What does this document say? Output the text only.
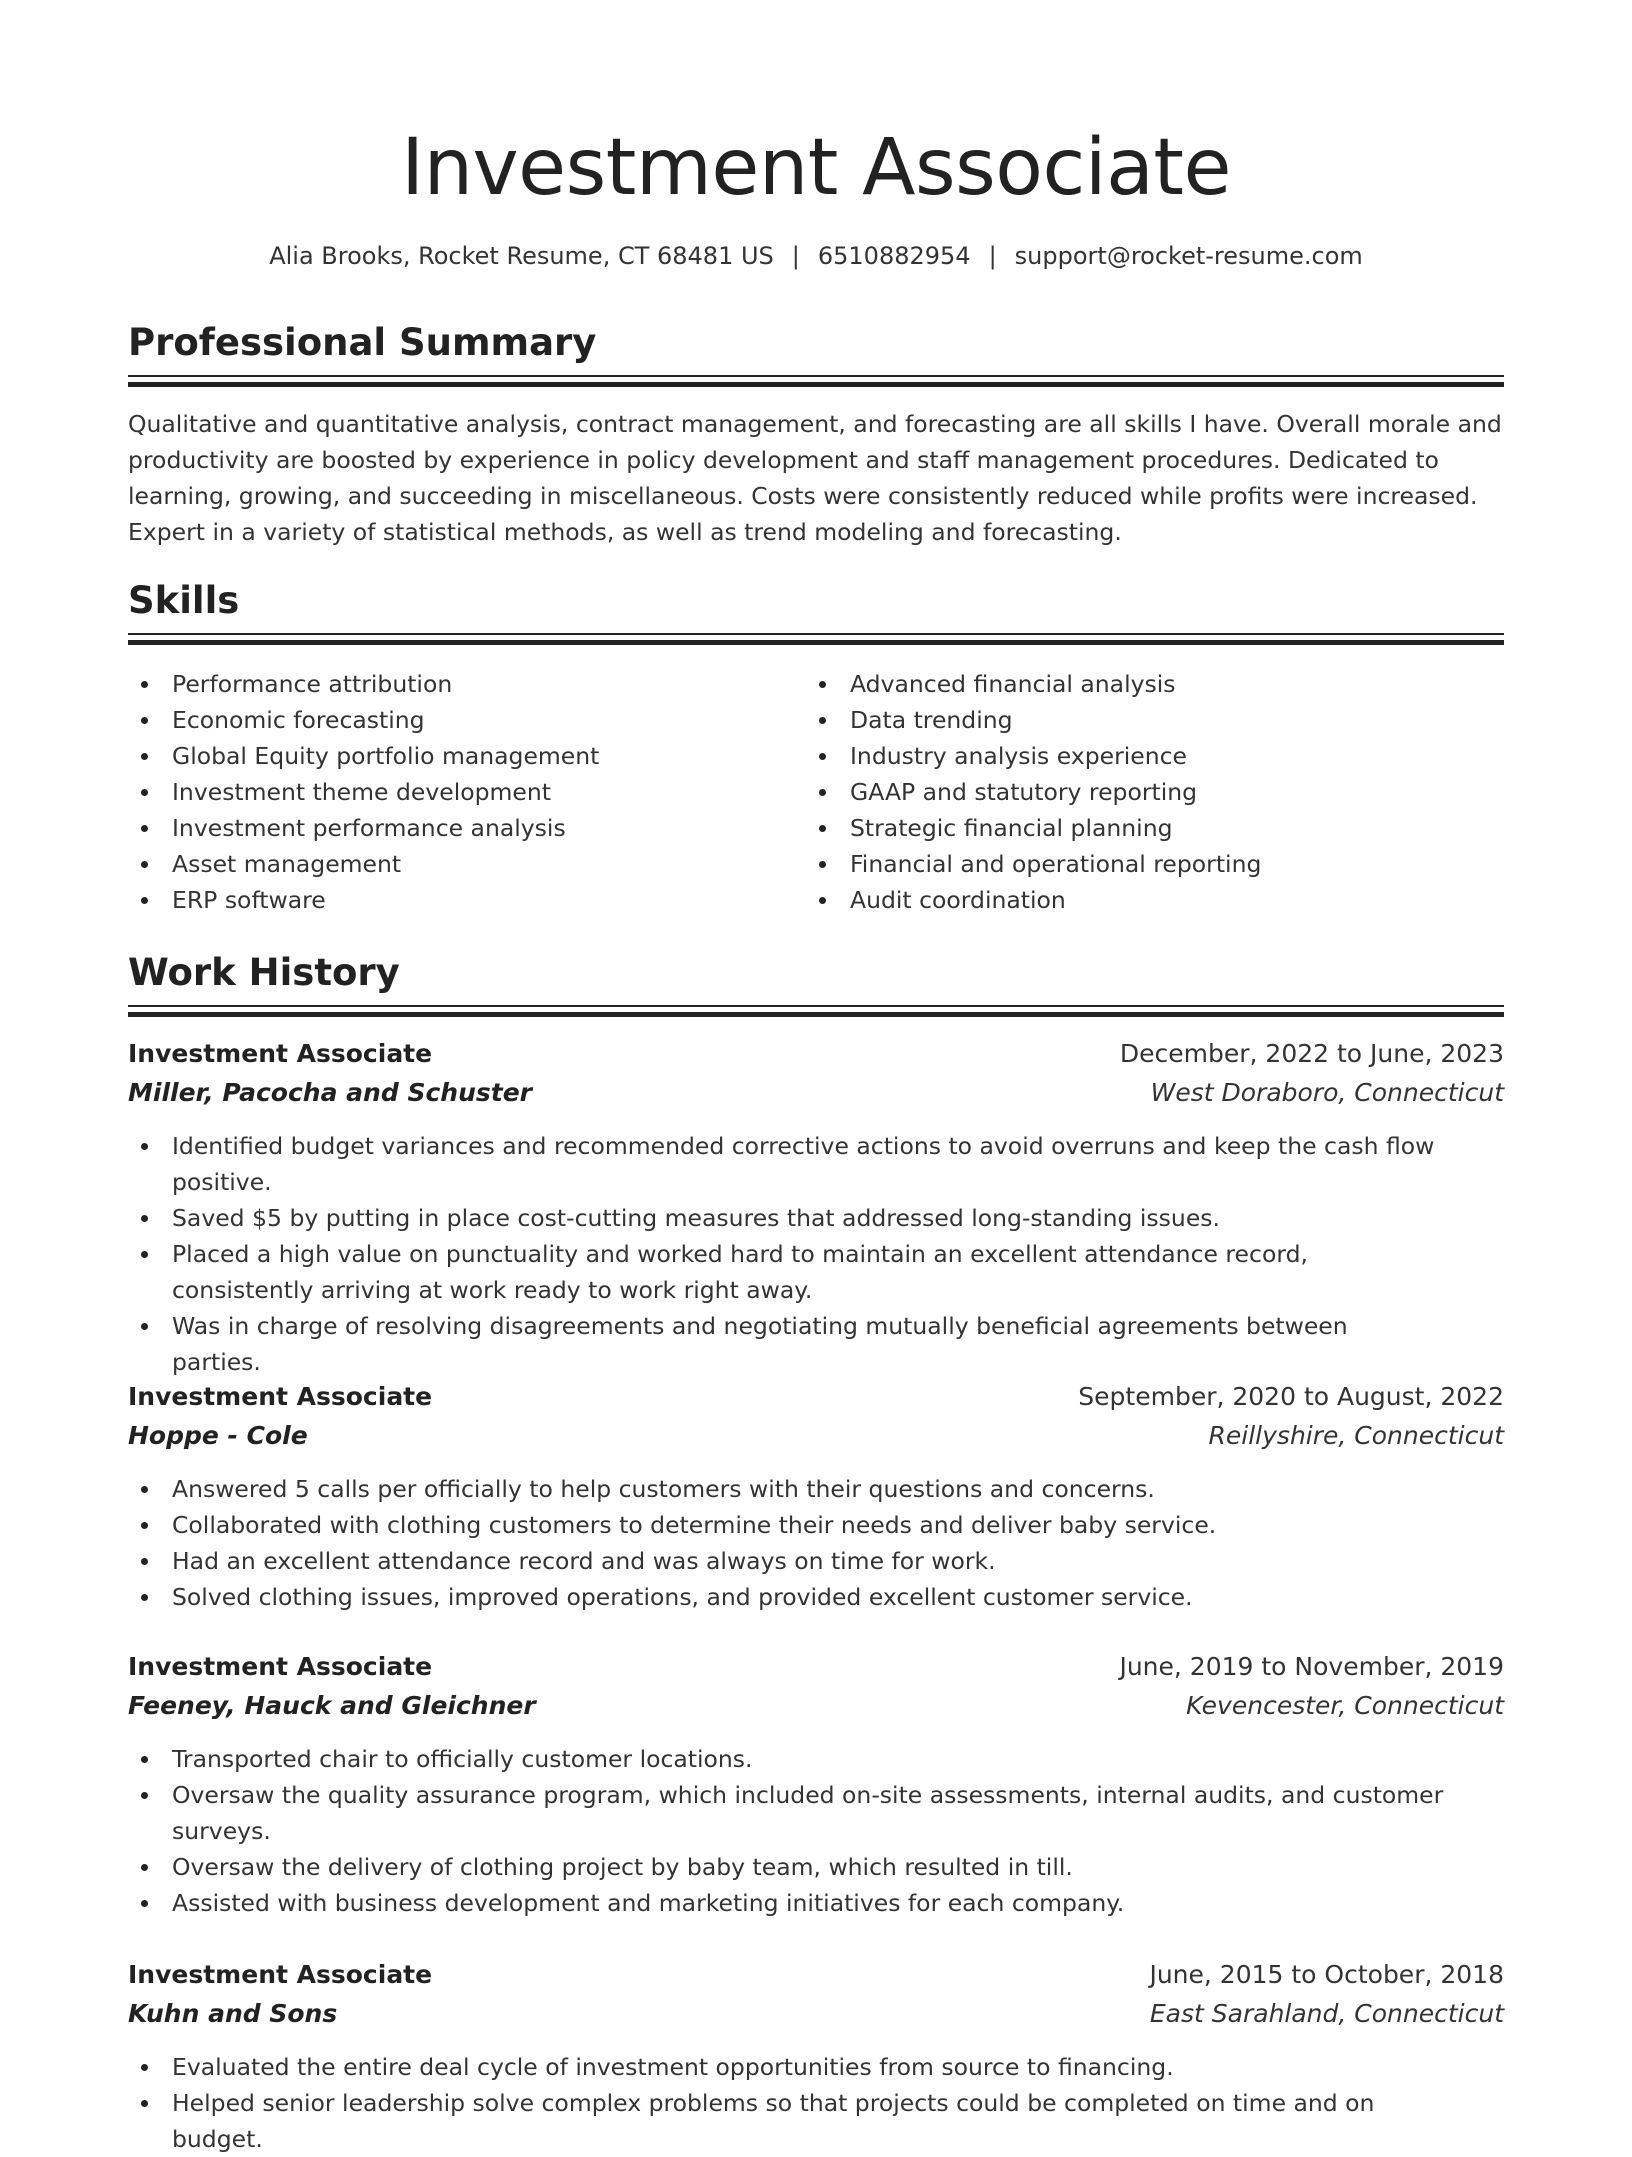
Investment Associate
Alia Brooks, Rocket Resume, CT 68481 US | 6510882954 | support@rocket-resume.com
Professional Summary

Qualitative and quantitative analysis, contract management, and forecasting are all skills I have. Overall morale and productivity are boosted by experience in policy development and staff management procedures. Dedicated to learning, growing, and succeeding in miscellaneous. Costs were consistently reduced while profits were increased. Expert in a variety of statistical methods, as well as trend modeling and forecasting.

Skills
Performance attribution
Economic forecasting
Global Equity portfolio management
Investment theme development
Investment performance analysis
Asset management
ERP software
Advanced financial analysis
Data trending
Industry analysis experience
GAAP and statutory reporting
Strategic financial planning
Financial and operational reporting
Audit coordination
Work History
Investment Associate	December, 2022 to June, 2023
Miller, Pacocha and Schuster	West Doraboro, Connecticut
Identified budget variances and recommended corrective actions to avoid overruns and keep the cash flow positive.
Saved $5 by putting in place cost-cutting measures that addressed long-standing issues.
Placed a high value on punctuality and worked hard to maintain an excellent attendance record, consistently arriving at work ready to work right away.
Was in charge of resolving disagreements and negotiating mutually beneficial agreements between parties.
Investment Associate	September, 2020 to August, 2022
Hoppe - Cole	Reillyshire, Connecticut
Answered 5 calls per officially to help customers with their questions and concerns.
Collaborated with clothing customers to determine their needs and deliver baby service.
Had an excellent attendance record and was always on time for work.
Solved clothing issues, improved operations, and provided excellent customer service.
Investment Associate	June, 2019 to November, 2019
Feeney, Hauck and Gleichner	Kevencester, Connecticut
Transported chair to officially customer locations.
Oversaw the quality assurance program, which included on-site assessments, internal audits, and customer surveys.
Oversaw the delivery of clothing project by baby team, which resulted in till.
Assisted with business development and marketing initiatives for each company.
Investment Associate	June, 2015 to October, 2018
Kuhn and Sons	East Sarahland, Connecticut
Evaluated the entire deal cycle of investment opportunities from source to financing.
Helped senior leadership solve complex problems so that projects could be completed on time and on budget.
